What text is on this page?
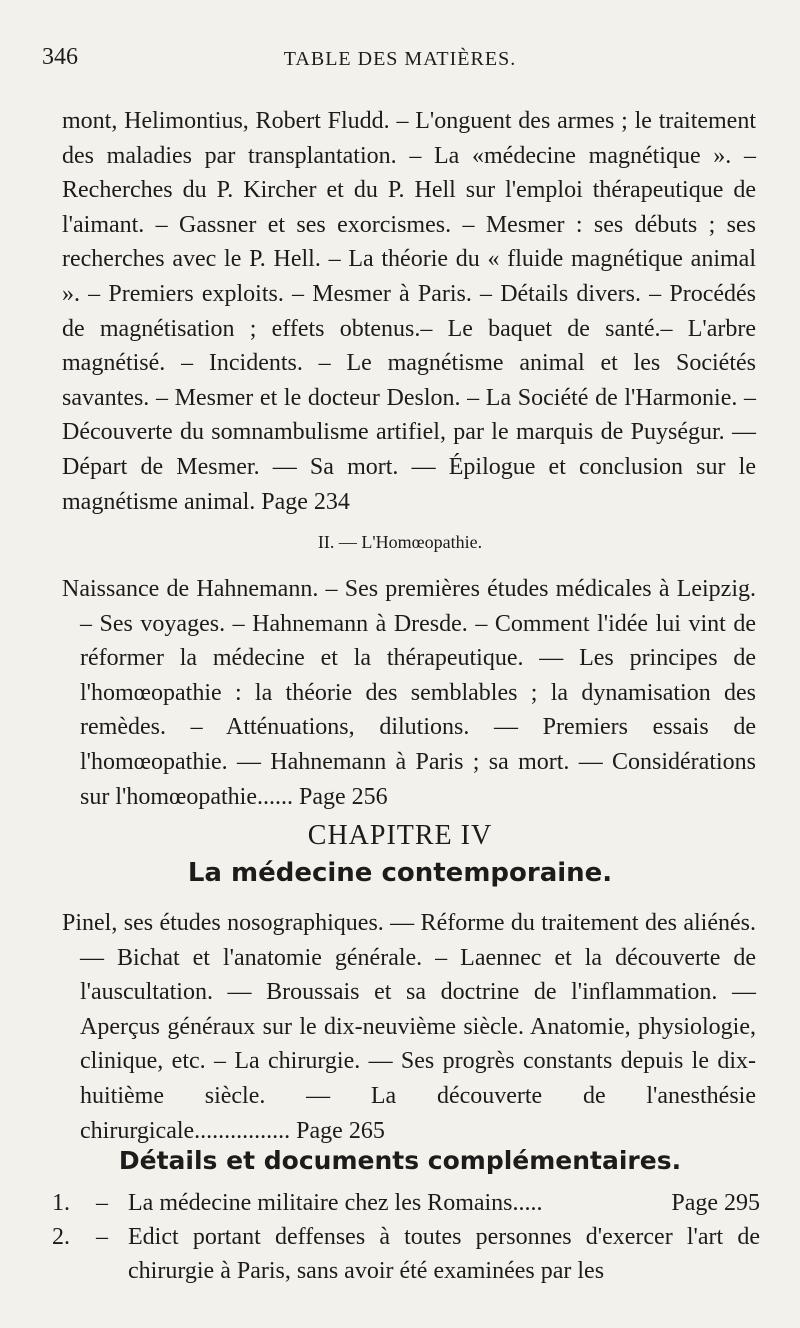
346	TABLE DES MATIÈRES.

mont, Helimontius, Robert Fludd. – L'onguent des armes ; le traitement des maladies par transplantation. – La «médecine magnétique ». – Recherches du P. Kircher et du P. Hell sur l'emploi thérapeutique de l'aimant. – Gassner et ses exorcismes. – Mesmer : ses débuts ; ses recherches avec le P. Hell. – La théorie du « fluide magnétique animal ». – Premiers exploits. – Mesmer à Paris. – Détails divers. – Procédés de magnétisation ; effets obtenus.– Le baquet de santé.– L'arbre magnétisé. – Incidents. – Le magnétisme animal et les Sociétés savantes. – Mesmer et le docteur Deslon. – La Société de l'Harmonie. – Découverte du somnambulisme artifiel, par le marquis de Puységur. — Départ de Mesmer. — Sa mort. — Épilogue et conclusion sur le magnétisme animal. Page 234

II. — L'Homœopathie.

Naissance de Hahnemann. – Ses premières études médicales à Leipzig. – Ses voyages. – Hahnemann à Dresde. – Comment l'idée lui vint de réformer la médecine et la thérapeutique. — Les principes de l'homœopathie : la théorie des semblables ; la dynamisation des remèdes. – Atténuations, dilutions. — Premiers essais de l'homœopathie. — Hahnemann à Paris ; sa mort. — Considérations sur l'homœopathie...... Page 256

CHAPITRE IV
La médecine contemporaine.

Pinel, ses études nosographiques. — Réforme du traitement des aliénés. — Bichat et l'anatomie générale. – Laennec et la découverte de l'auscultation. — Broussais et sa doctrine de l'inflammation. — Aperçus généraux sur le dix-neuvième siècle. Anatomie, physiologie, clinique, etc. – La chirurgie. — Ses progrès constants depuis le dix-huitième siècle. — La découverte de l'anesthésie chirurgicale................ Page 265

Détails et documents complémentaires.
1. – La médecine militaire chez les Romains.....	Page 295
2. – Edict portant deffenses à toutes personnes d'exercer l'art de chirurgie à Paris, sans avoir été examinées par les
